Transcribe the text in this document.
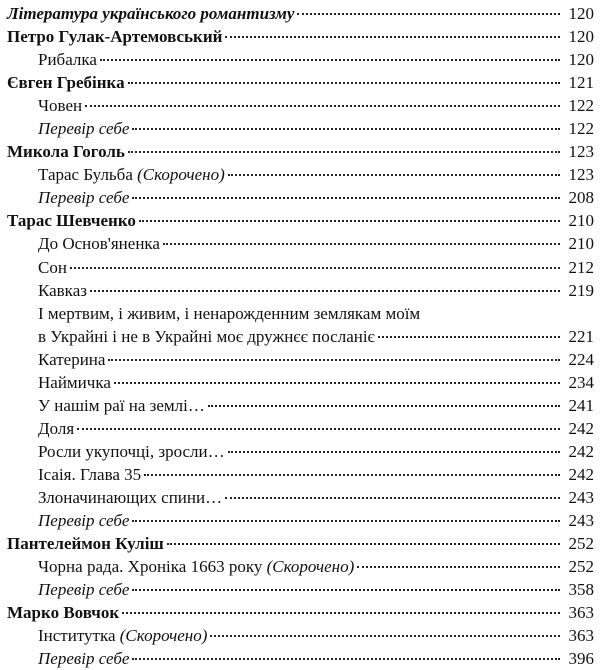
Література українського романтизму	120
Петро Гулак-Артемовський	120
Рибалка	120
Євген Гребінка	121
Човен	122
Перевір себе	122
Микола Гоголь	123
Тарас Бульба (Скорочено)	123
Перевір себе	208
Тарас Шевченко	210
До Основ'яненка	210
Сон	212
Кавказ	219
І мертвим, і живим, і ненарожденним землякам моїм
в Украйні і не в Украйні моє дружнєє посланіє	221
Катерина	224
Наймичка	234
У нашім раї на землі…	241
Доля	242
Росли укупочці, зросли…	242
Ісаія. Глава 35	242
Злоначинающих спини…	243
Перевір себе	243
Пантелеймон Куліш	252
Чорна рада. Хроніка 1663 року (Скорочено)	252
Перевір себе	358
Марко Вовчок	363
Інститутка (Скорочено)	363
Перевір себе	396
